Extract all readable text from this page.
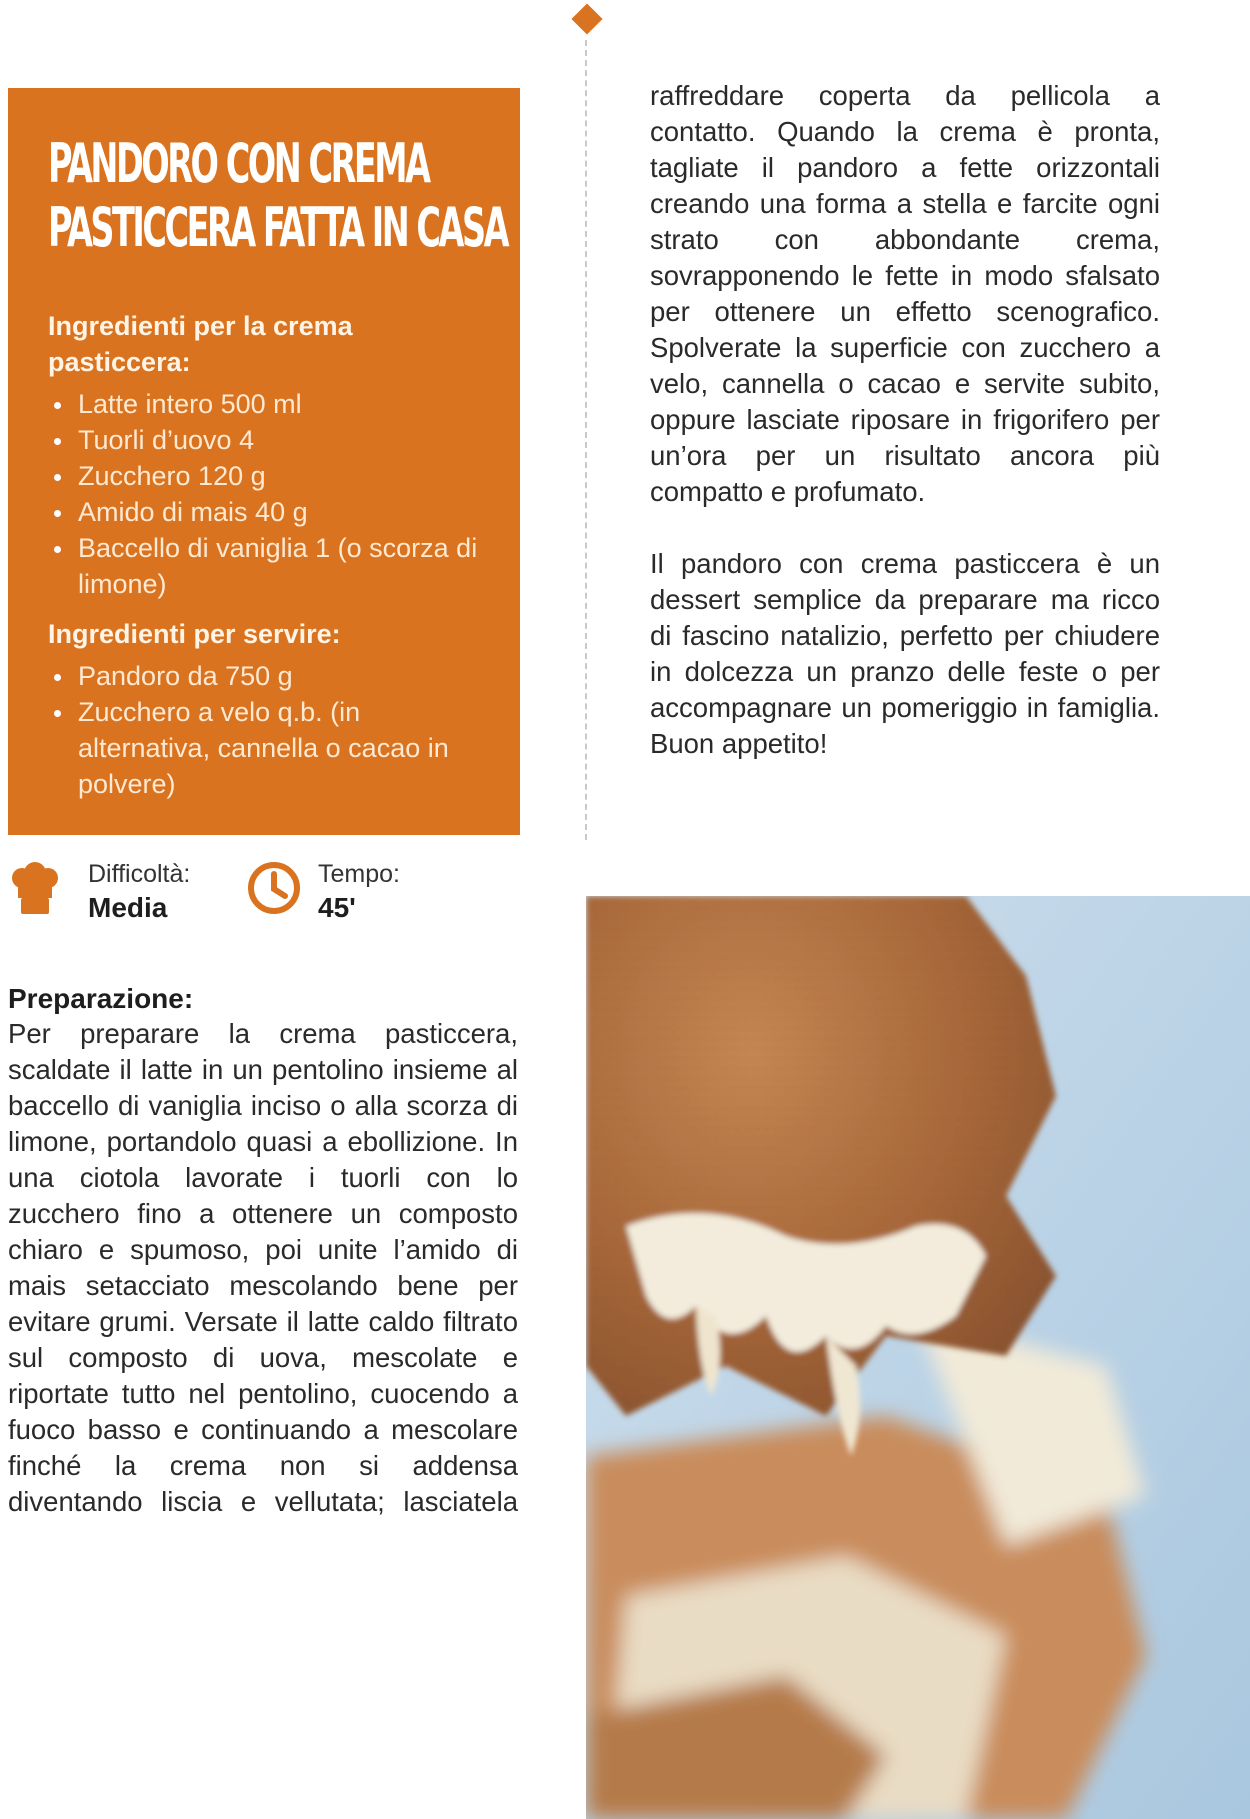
PANDORO CON CREMA
PASTICCERA FATTA IN CASA
Ingredienti per la crema pasticcera:
Latte intero 500 ml
Tuorli d’uovo 4
Zucchero 120 g
Amido di mais 40 g
Baccello di vaniglia 1 (o scorza di limone)
Ingredienti per servire:
Pandoro da 750 g
Zucchero a velo q.b. (in alternativa, cannella o cacao in polvere)
Difficoltà:
Media
Tempo:
45'
Preparazione:

Per preparare la crema pasticcera, scaldate il latte in un pentolino insieme al baccello di vaniglia inciso o alla scorza di limone, portandolo quasi a ebollizione. In una ciotola lavorate i tuorli con lo zucchero fino a ottenere un composto chiaro e spumoso, poi unite l’amido di mais setacciato mescolando bene per evitare grumi. Versate il latte caldo filtrato sul composto di uova, mescolate e riportate tutto nel pentolino, cuocendo a fuoco basso e continuando a mescolare finché la crema non si addensa diventando liscia e vellutata; lasciatela

raffreddare coperta da pellicola a contatto. Quando la crema è pronta, tagliate il pandoro a fette orizzontali creando una forma a stella e farcite ogni strato con abbondante crema, sovrapponendo le fette in modo sfalsato per ottenere un effetto scenografico. Spolverate la superficie con zucchero a velo, cannella o cacao e servite subito, oppure lasciate riposare in frigorifero per un’ora per un risultato ancora più compatto e profumato.

Il pandoro con crema pasticcera è un dessert semplice da preparare ma ricco di fascino natalizio, perfetto per chiudere in dolcezza un pranzo delle feste o per accompagnare un pomeriggio in famiglia. Buon appetito!
